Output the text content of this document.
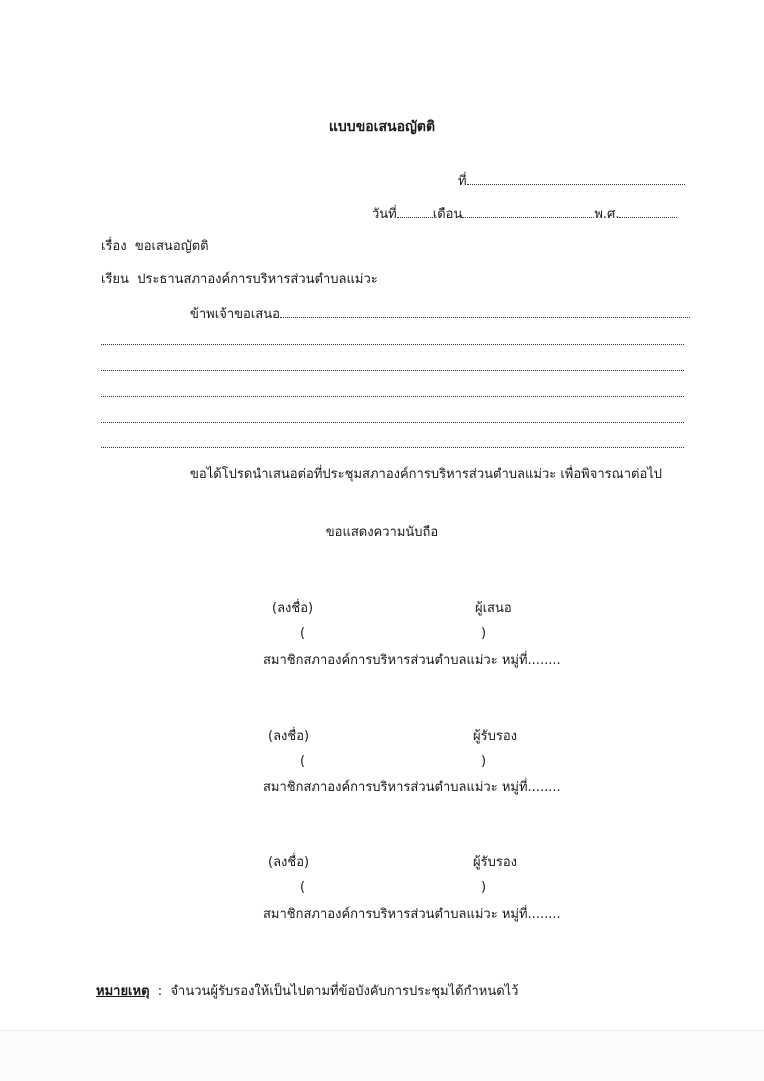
แบบขอเสนอญัตติ
ที่
วันที่	เดือน	พ.ศ.
เรื่อง ขอเสนอญัตติ
เรียน ประธานสภาองค์การบริหารส่วนตำบลแม่วะ
ข้าพเจ้าขอเสนอ
ขอได้โปรดนำเสนอต่อที่ประชุมสภาองค์การบริหารส่วนตำบลแม่วะ เพื่อพิจารณาต่อไป
ขอแสดงความนับถือ
(ลงชื่อ)	ผู้เสนอ
(	)
สมาชิกสภาองค์การบริหารส่วนตำบลแม่วะ หมู่ที่........
(ลงชื่อ)	ผู้รับรอง
(	)
สมาชิกสภาองค์การบริหารส่วนตำบลแม่วะ หมู่ที่........
(ลงชื่อ)	ผู้รับรอง
(	)
สมาชิกสภาองค์การบริหารส่วนตำบลแม่วะ หมู่ที่........
หมายเหตุ : จำนวนผู้รับรองให้เป็นไปตามที่ข้อบังคับการประชุมได้กำหนดไว้
